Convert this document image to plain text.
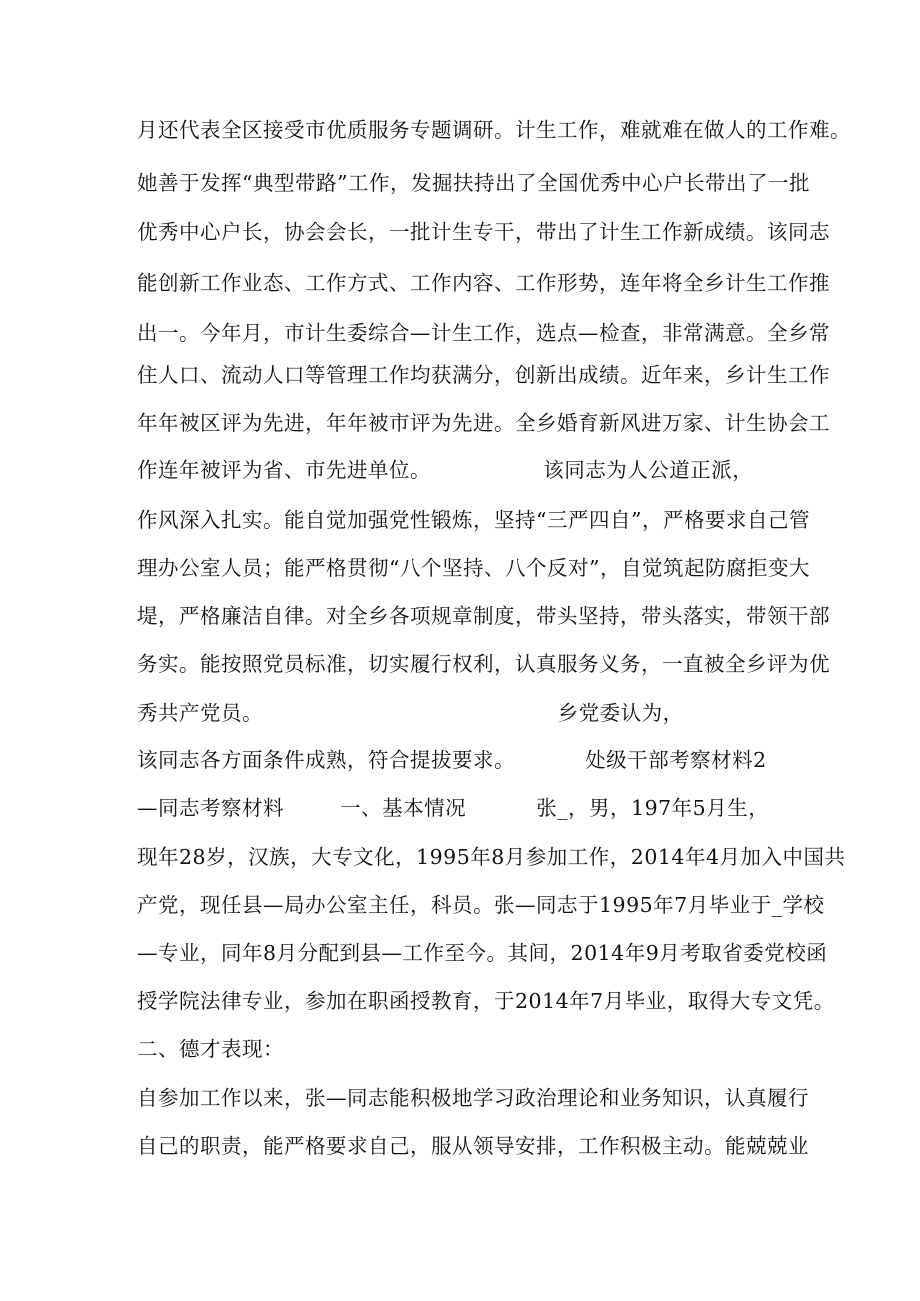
月还代表全区接受市优质服务专题调研。计生工作，难就难在做人的工作难。
她善于发挥“典型带路”工作，发掘扶持出了全国优秀中心户长带出了一批
优秀中心户长，协会会长，一批计生专干，带出了计生工作新成绩。该同志
能创新工作业态、工作方式、工作内容、工作形势，连年将全乡计生工作推
出一。今年月，市计生委综合—计生工作，选点—检查，非常满意。全乡常
住人口、流动人口等管理工作均获满分，创新出成绩。近年来，乡计生工作
年年被区评为先进，年年被市评为先进。全乡婚育新风进万家、计生协会工
作连年被评为省、市先进单位。                该同志为人公道正派，
作风深入扎实。能自觉加强党性锻炼，坚持“三严四自”，严格要求自己管
理办公室人员；能严格贯彻“八个坚持、八个反对”，自觉筑起防腐拒变大
堤，严格廉洁自律。对全乡各项规章制度，带头坚持，带头落实，带领干部
务实。能按照党员标准，切实履行权利，认真服务义务，一直被全乡评为优
秀共产党员。                                          乡党委认为，
该同志各方面条件成熟，符合提拔要求。          处级干部考察材料2
—同志考察材料        一、基本情况          张_，男，197年5月生，
现年28岁，汉族，大专文化，1995年8月参加工作，2014年4月加入中国共
产党，现任县—局办公室主任，科员。张—同志于1995年7月毕业于_学校
—专业，同年8月分配到县—工作至今。其间，2014年9月考取省委党校函
授学院法律专业，参加在职函授教育，于2014年7月毕业，取得大专文凭。
二、德才表现：
自参加工作以来，张—同志能积极地学习政治理论和业务知识，认真履行
自己的职责，能严格要求自己，服从领导安排，工作积极主动。能兢兢业
